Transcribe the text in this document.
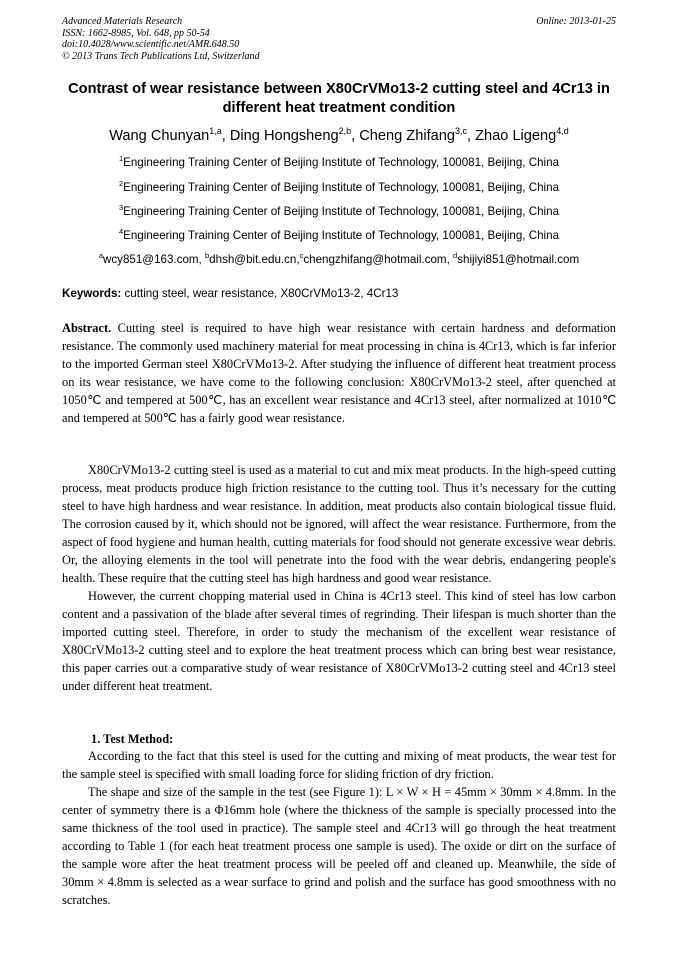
Advanced Materials Research
ISSN: 1662-8985, Vol. 648, pp 50-54
doi:10.4028/www.scientific.net/AMR.648.50
© 2013 Trans Tech Publications Ltd, Switzerland
Online: 2013-01-25
Contrast of wear resistance between X80CrVMo13-2 cutting steel and 4Cr13 in different heat treatment condition
Wang Chunyan$^{1,a}$, Ding Hongsheng$^{2,b}$, Cheng Zhifang$^{3,c}$, Zhao Ligeng$^{4,d}$
$^1$Engineering Training Center of Beijing Institute of Technology, 100081, Beijing, China
$^2$Engineering Training Center of Beijing Institute of Technology, 100081, Beijing, China
$^3$Engineering Training Center of Beijing Institute of Technology, 100081, Beijing, China
$^4$Engineering Training Center of Beijing Institute of Technology, 100081, Beijing, China
$^a$wcy851@163.com, $^b$dhsh@bit.edu.cn,$^c$chengzhifang@hotmail.com, $^d$shijiyi851@hotmail.com
Keywords: cutting steel, wear resistance, X80CrVMo13-2, 4Cr13
Abstract. Cutting steel is required to have high wear resistance with certain hardness and deformation resistance. The commonly used machinery material for meat processing in china is 4Cr13, which is far inferior to the imported German steel X80CrVMo13-2. After studying the influence of different heat treatment process on its wear resistance, we have come to the following conclusion: X80CrVMo13-2 steel, after quenched at 1050℃ and tempered at 500℃, has an excellent wear resistance and 4Cr13 steel, after normalized at 1010℃ and tempered at 500℃ has a fairly good wear resistance.
X80CrVMo13-2 cutting steel is used as a material to cut and mix meat products. In the high-speed cutting process, meat products produce high friction resistance to the cutting tool. Thus it’s necessary for the cutting steel to have high hardness and wear resistance. In addition, meat products also contain biological tissue fluid. The corrosion caused by it, which should not be ignored, will affect the wear resistance. Furthermore, from the aspect of food hygiene and human health, cutting materials for food should not generate excessive wear debris. Or, the alloying elements in the tool will penetrate into the food with the wear debris, endangering people's health. These require that the cutting steel has high hardness and good wear resistance.
However, the current chopping material used in China is 4Cr13 steel. This kind of steel has low carbon content and a passivation of the blade after several times of regrinding. Their lifespan is much shorter than the imported cutting steel. Therefore, in order to study the mechanism of the excellent wear resistance of X80CrVMo13-2 cutting steel and to explore the heat treatment process which can bring best wear resistance, this paper carries out a comparative study of wear resistance of X80CrVMo13-2 cutting steel and 4Cr13 steel under different heat treatment.
1. Test Method:
According to the fact that this steel is used for the cutting and mixing of meat products, the wear test for the sample steel is specified with small loading force for sliding friction of dry friction.
The shape and size of the sample in the test (see Figure 1): L × W × H = 45mm × 30mm × 4.8mm. In the center of symmetry there is a Φ16mm hole (where the thickness of the sample is specially processed into the same thickness of the tool used in practice). The sample steel and 4Cr13 will go through the heat treatment according to Table 1 (for each heat treatment process one sample is used). The oxide or dirt on the surface of the sample wore after the heat treatment process will be peeled off and cleaned up. Meanwhile, the side of 30mm × 4.8mm is selected as a wear surface to grind and polish and the surface has good smoothness with no scratches.
